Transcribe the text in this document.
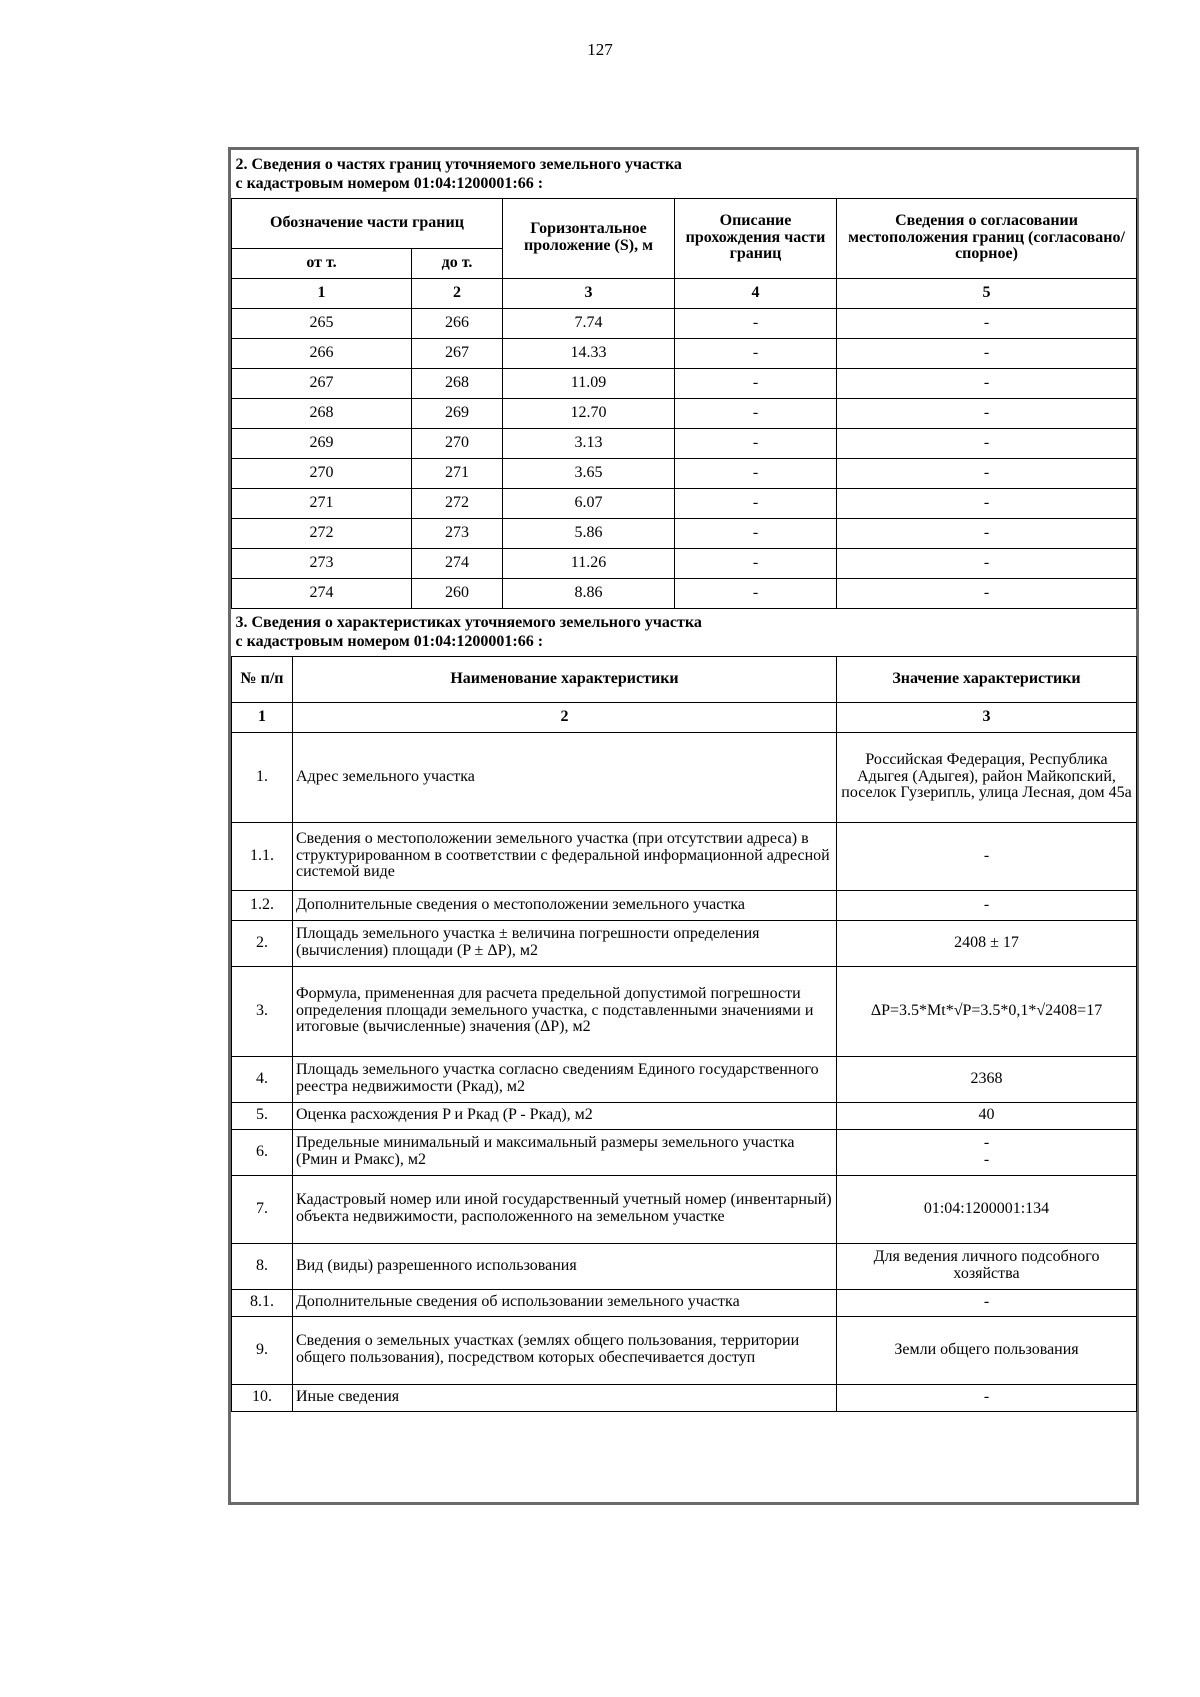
127
2. Сведения о частях границ уточняемого земельного участка
с кадастровым номером 01:04:1200001:66 :					

Обозначение части границ			Горизонтальное проложение (S), м	Описание прохождения части границ	Сведения о согласовании местоположения границ (согласовано/спорное)
от т.		до т.			
1		2	3	4	5
265		266	7.74	-	-
266		267	14.33	-	-
267		268	11.09	-	-
268		269	12.70	-	-
269		270	3.13	-	-
270		271	3.65	-	-
271		272	6.07	-	-
272		273	5.86	-	-
273		274	11.26	-	-
274		260	8.86	-	-

3. Сведения о характеристиках уточняемого земельного участка
с кадастровым номером 01:04:1200001:66 :					

№ п/п	Наименование характеристики				Значение характеристики
1	2				3
1.	Адрес земельного участка				Российская Федерация, Республика Адыгея (Адыгея), район Майкопский, поселок Гузерипль, улица Лесная, дом 45а
1.1.	Сведения о местоположении земельного участка (при отсутствии адреса) в структурированном в соответствии с федеральной информационной адресной системой виде				-
1.2.	Дополнительные сведения о местоположении земельного участка				-
2.	Площадь земельного участка ± величина погрешности определения (вычисления) площади (P ± ΔP), м2				2408 ± 17
3.	Формула, примененная для расчета предельной допустимой погрешности определения площади земельного участка, с подставленными значениями и итоговые (вычисленные) значения (ΔP), м2				ΔP=3.5*Mt*√P=3.5*0,1*√2408=17
4.	Площадь земельного участка согласно сведениям Единого государственного реестра недвижимости (Ркад), м2				2368
5.	Оценка расхождения P и Ркад (P - Ркад), м2				40
6.	Предельные минимальный и максимальный размеры земельного участка (Рмин и Рмакс), м2				-
-

7.	Кадастровый номер или иной государственный учетный номер (инвентарный) объекта недвижимости, расположенного на земельном участке				01:04:1200001:134
8.	Вид (виды) разрешенного использования				Для ведения личного подсобного хозяйства
8.1.	Дополнительные сведения об использовании земельного участка				-
9.	Сведения о земельных участках (землях общего пользования, территории общего пользования), посредством которых обеспечивается доступ				Земли общего пользования
10.	Иные сведения				-
